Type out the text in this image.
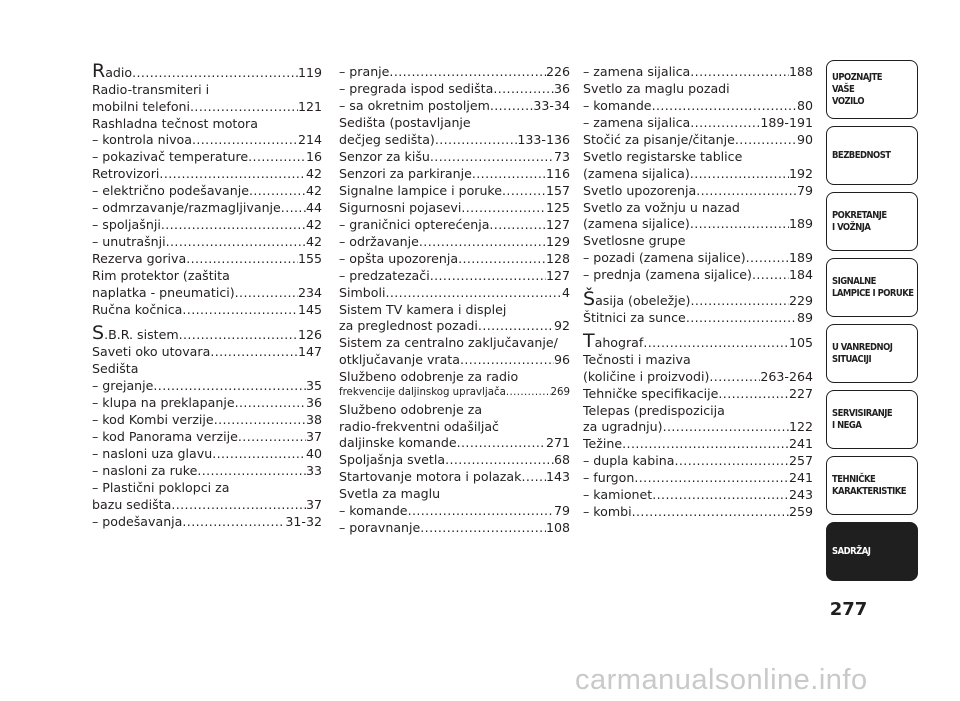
R adio .....	119
Radio-transmiteri i
mobilni telefoni .....	121
Rashladna tečnost motora
– kontrola nivoa .....	214
– pokazivač temperature .....	16
Retrovizori .....	42
– električno podešavanje .....	42
– odmrzavanje/razmagljivanje ..... 44
– spoljašnji .....	42
– unutrašnji .....	42
Rezerva goriva .....	155
Rim protektor (zaštita
naplatka - pneumatici) .....	234
Ručna kočnica .....	145
S .B.R. sistem .....	126
Saveti oko utovara .....	147
Sedišta
– grejanje .....	35
– klupa na preklapanje .....	36
– kod Kombi verzije .....	38
– kod Panorama verzije .....	37
– nasloni uza glavu .....	40
– nasloni za ruke .....	33
– Plastični poklopci za
bazu sedišta .....	37
– podešavanja .....	31-32
– pranje .....	226
– pregrada ispod sedišta .....	36
– sa okretnim postoljem .....	33-34
Sedišta (postavljanje
dečjeg sedišta) .....	133-136
Senzor za kišu .....	73
Senzori za parkiranje .....	116
Signalne lampice i poruke .....	157
Sigurnosni pojasevi .....	125
– graničnici opterećenja .....	127
– održavanje .....	129
– opšta upozorenja .....	128
– predzatezači .....	127
Simboli .....	4
Sistem TV kamera i displej
za preglednost pozadi .....	92
Sistem za centralno zaključavanje/
otključavanje vrata .....	96
Službeno odobrenje za radio
frekvencije daljinskog upravljača .....	269
Službeno odobrenje za
radio-frekventni odašiljač
daljinske komande .....	271
Spoljašnja svetla .....	68
Startovanje motora i polazak ..... 143
Svetla za maglu
– komande .....	79
– poravnanje .....	108
– zamena sijalica .....	188
Svetlo za maglu pozadi
– komande .....	80
– zamena sijalica .....	189-191
Stočić za pisanje/čitanje .....	90
Svetlo registarske tablice
(zamena sijalica) .....	192
Svetlo upozorenja .....	79
Svetlo za vožnju u nazad
(zamena sijalice) .....	189
Svetlosne grupe
– pozadi (zamena sijalice) .....	189
– prednja (zamena sijalice) .....	184
Š asija (obeležje) .....	229
Štitnici za sunce .....	89
T ahograf .....	105
Tečnosti i maziva
(količine i proizvodi) .....	263-264
Tehničke specifikacije .....	227
Telepas (predispozicija
za ugradnju) .....	122
Težine .....	241
– dupla kabina .....	257
– furgon .....	241
– kamionet .....	243
– kombi .....	259
UPOZNAJTE
VAŠE
VOZILO
BEZBEDNOST
POKRETANJE
I VOŽNJA
SIGNALNE
LAMPICE I PORUKE
U VANREDNOJ
SITUACIJI
SERVISIRANJE
I NEGA
TEHNIČKE
KARAKTERISTIKE
SADRŽAJ
277
carmanualsonline.info
